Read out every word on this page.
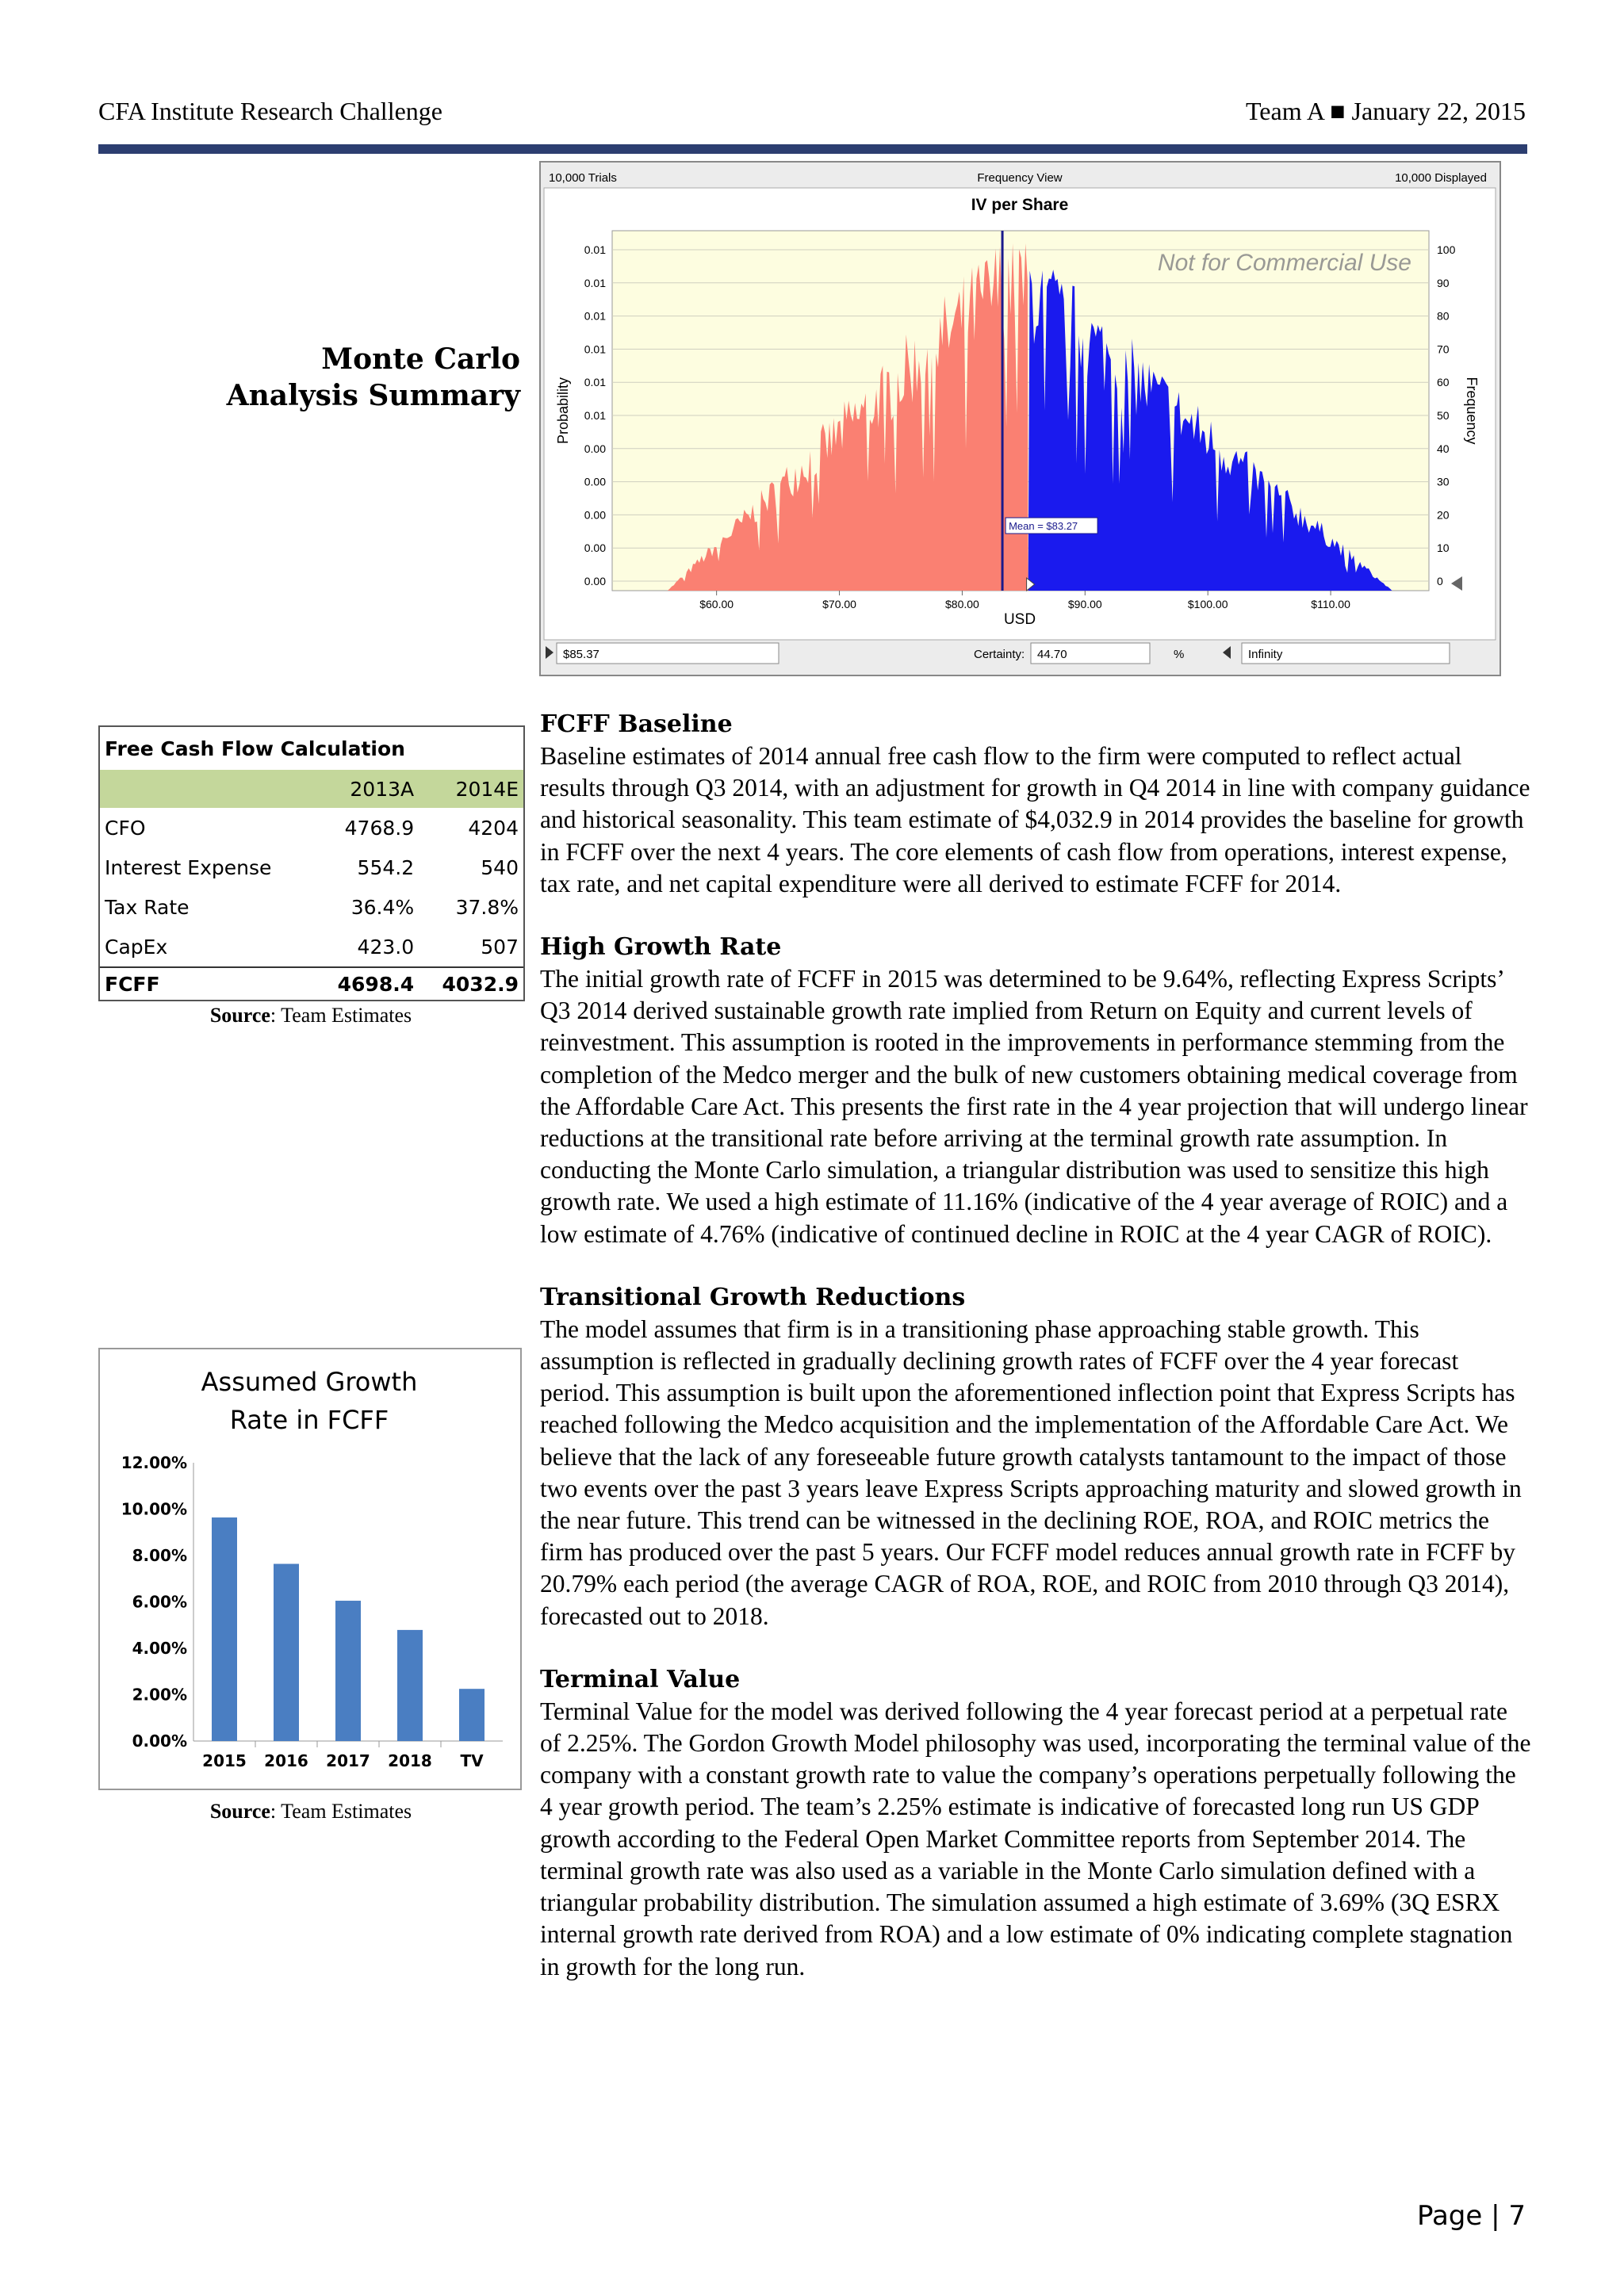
CFA Institute Research Challenge	Team A ■ January 22, 2015
Monte Carlo
Analysis Summary
10,000 Trials	Frequency View	10,000 Displayed
IV per Share
0.01
0.01
0.01
0.01
0.01
0.01
0.00
0.00
0.00
0.00
0.00
100
90
80
70
60
50
40
30
20
10
0
Mean = $83.27
Not for Commercial Use
$60.00	$70.00	$80.00	$90.00	$100.00	$110.00
USD
Probability	Frequency
$85.37	Certainty: 44.70	%	Infinity
Free Cash Flow Calculation		
	2013A	2014E
CFO	4768.9	4204
Interest Expense	554.2	540
Tax Rate	36.4%	37.8%
CapEx	423.0	507
FCFF	4698.4	4032.9
Source: Team Estimates
Assumed Growth
Rate in FCFF
12.00%
10.00%
8.00%
6.00%
4.00%
2.00%
0.00%
2015 2016 2017 2018 TV
Source: Team Estimates
FCFF Baseline

Baseline estimates of 2014 annual free cash flow to the firm were computed to reflect actual results through Q3 2014, with an adjustment for growth in Q4 2014 in line with company guidance and historical seasonality. This team estimate of $4,032.9 in 2014 provides the baseline for growth in FCFF over the next 4 years. The core elements of cash flow from operations, interest expense, tax rate, and net capital expenditure were all derived to estimate FCFF for 2014.

High Growth Rate

The initial growth rate of FCFF in 2015 was determined to be 9.64%, reflecting Express Scripts’ Q3 2014 derived sustainable growth rate implied from Return on Equity and current levels of reinvestment. This assumption is rooted in the improvements in performance stemming from the completion of the Medco merger and the bulk of new customers obtaining medical coverage from the Affordable Care Act. This presents the first rate in the 4 year projection that will undergo linear reductions at the transitional rate before arriving at the terminal growth rate assumption. In conducting the Monte Carlo simulation, a triangular distribution was used to sensitize this high growth rate. We used a high estimate of 11.16% (indicative of the 4 year average of ROIC) and a low estimate of 4.76% (indicative of continued decline in ROIC at the 4 year CAGR of ROIC).

Transitional Growth Reductions

The model assumes that firm is in a transitioning phase approaching stable growth. This assumption is reflected in gradually declining growth rates of FCFF over the 4 year forecast period. This assumption is built upon the aforementioned inflection point that Express Scripts has reached following the Medco acquisition and the implementation of the Affordable Care Act. We believe that the lack of any foreseeable future growth catalysts tantamount to the impact of those two events over the past 3 years leave Express Scripts approaching maturity and slowed growth in the near future. This trend can be witnessed in the declining ROE, ROA, and ROIC metrics the firm has produced over the past 5 years. Our FCFF model reduces annual growth rate in FCFF by 20.79% each period (the average CAGR of ROA, ROE, and ROIC from 2010 through Q3 2014), forecasted out to 2018.

Terminal Value

Terminal Value for the model was derived following the 4 year forecast period at a perpetual rate of 2.25%. The Gordon Growth Model philosophy was used, incorporating the terminal value of the company with a constant growth rate to value the company’s operations perpetually following the 4 year growth period. The team’s 2.25% estimate is indicative of forecasted long run US GDP growth according to the Federal Open Market Committee reports from September 2014. The terminal growth rate was also used as a variable in the Monte Carlo simulation defined with a triangular probability distribution. The simulation assumed a high estimate of 3.69% (3Q ESRX internal growth rate derived from ROA) and a low estimate of 0% indicating complete stagnation in growth for the long run.

Page | 7
